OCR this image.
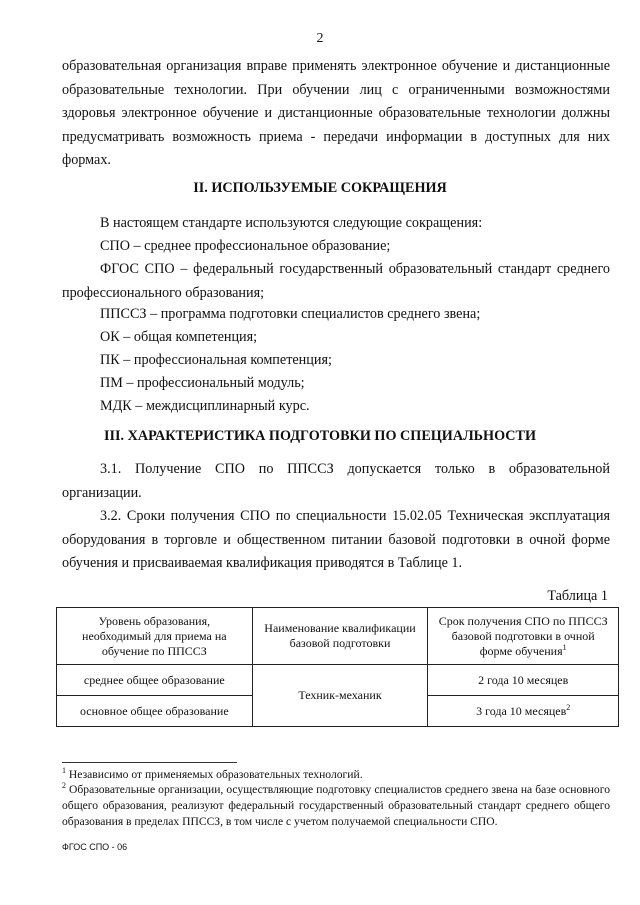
2

образовательная организация вправе применять электронное обучение и дистанционные образовательные технологии. При обучении лиц с ограниченными возможностями здоровья электронное обучение и дистанционные образовательные технологии должны предусматривать возможность приема - передачи информации в доступных для них формах.

II. ИСПОЛЬЗУЕМЫЕ СОКРАЩЕНИЯ

В настоящем стандарте используются следующие сокращения:

СПО – среднее профессиональное образование;

ФГОС СПО – федеральный государственный образовательный стандарт среднего профессионального образования;

ППССЗ – программа подготовки специалистов среднего звена;

ОК – общая компетенция;

ПК – профессиональная компетенция;

ПМ – профессиональный модуль;

МДК – междисциплинарный курс.

III. ХАРАКТЕРИСТИКА ПОДГОТОВКИ ПО СПЕЦИАЛЬНОСТИ

3.1. Получение СПО по ППССЗ допускается только в образовательной организации.

3.2. Сроки получения СПО по специальности 15.02.05 Техническая эксплуатация оборудования в торговле и общественном питании базовой подготовки в очной форме обучения и присваиваемая квалификация приводятся в Таблице 1.

Таблица 1
Уровень образования, необходимый для приема на обучение по ППССЗ	Наименование квалификации базовой подготовки	Срок получения СПО по ППССЗ базовой подготовки в очной форме обучения$^1$
среднее общее образование	Техник-механик	2 года 10 месяцев
основное общее образование		3 года 10 месяцев$^2$

$^1$ Независимо от применяемых образовательных технологий.

$^2$ Образовательные организации, осуществляющие подготовку специалистов среднего звена на базе основного общего образования, реализуют федеральный государственный образовательный стандарт среднего общего образования в пределах ППССЗ, в том числе с учетом получаемой специальности СПО.

ФГОС СПО - 06
